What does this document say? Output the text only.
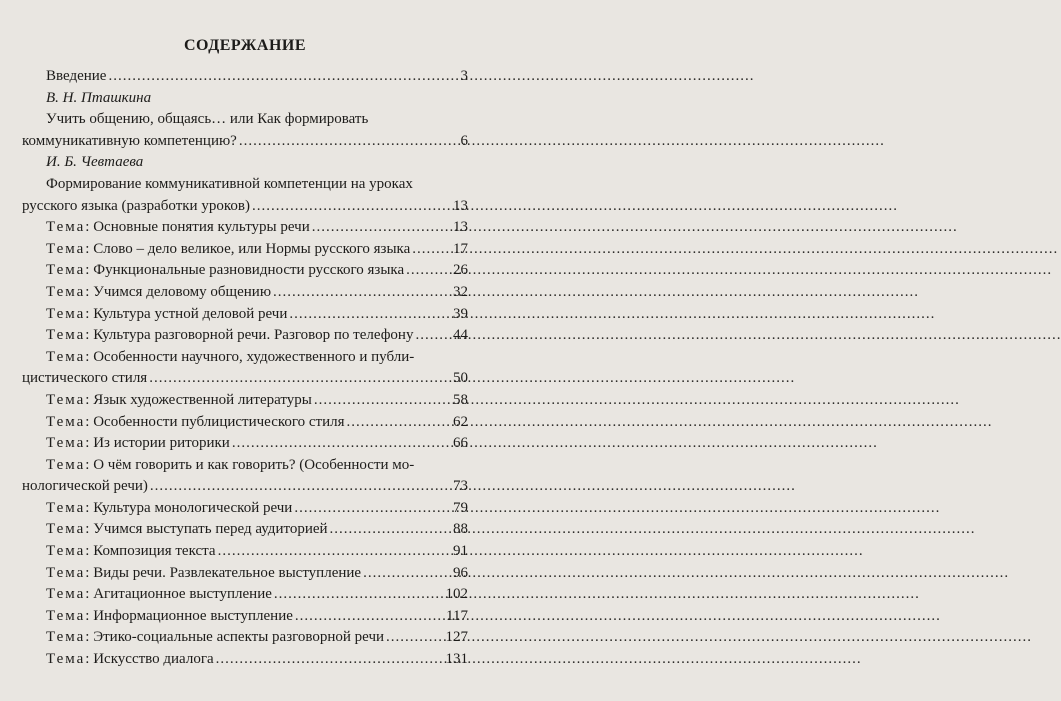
СОДЕРЖАНИЕ
Введение .....	3
В. Н. Пташкина
Учить общению, общаясь… или Как формировать
коммуникативную компетенцию? .....	6
И. Б. Чевтаева
Формирование коммуникативной компетенции на уроках
русского языка (разработки уроков) .....	13
Тема: Основные понятия культуры речи .....	13
Тема: Слово – дело великое, или Нормы русского языка .....	17
Тема: Функциональные разновидности русского языка .....	26
Тема: Учимся деловому общению .....	32
Тема: Культура устной деловой речи .....	39
Тема: Культура разговорной речи. Разговор по телефону .....	44
Тема: Особенности научного, художественного и публи-
цистического стиля .....	50
Тема: Язык художественной литературы .....	58
Тема: Особенности публицистического стиля .....	62
Тема: Из истории риторики .....	66
Тема: О чём говорить и как говорить? (Особенности мо-
нологической речи) .....	73
Тема: Культура монологической речи .....	79
Тема: Учимся выступать перед аудиторией .....	88
Тема: Композиция текста .....	91
Тема: Виды речи. Развлекательное выступление .....	96
Тема: Агитационное выступление .....	102
Тема: Информационное выступление .....	117
Тема: Этико-социальные аспекты разговорной речи .....	127
Тема: Искусство диалога .....	131
